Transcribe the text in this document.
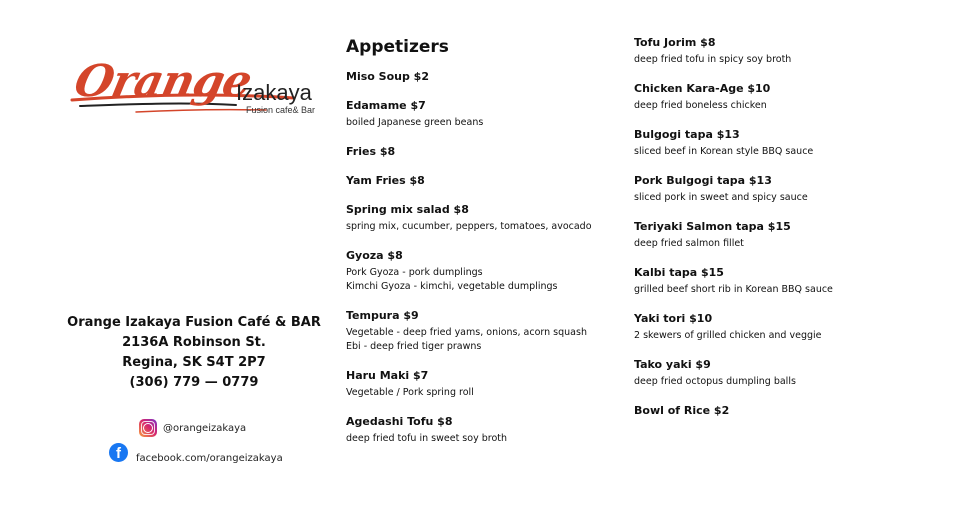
Orange
Izakaya
Fusion cafe& Bar
Orange Izakaya Fusion Café & BAR
2136A Robinson St.
Regina, SK S4T 2P7
(306) 779 — 0779
@orangeizakaya
f	facebook.com/orangeizakaya
Appetizers
Miso Soup $2
Edamame $7
boiled Japanese green beans
Fries $8
Yam Fries $8
Spring mix salad $8
spring mix, cucumber, peppers, tomatoes, avocado
Gyoza $8
Pork Gyoza - pork dumplings
Kimchi Gyoza - kimchi, vegetable dumplings
Tempura $9
Vegetable - deep fried yams, onions, acorn squash
Ebi - deep fried tiger prawns
Haru Maki $7
Vegetable / Pork spring roll
Agedashi Tofu $8
deep fried tofu in sweet soy broth
Tofu Jorim $8
deep fried tofu in spicy soy broth
Chicken Kara-Age $10
deep fried boneless chicken
Bulgogi tapa $13
sliced beef in Korean style BBQ sauce
Pork Bulgogi tapa $13
sliced pork in sweet and spicy sauce
Teriyaki Salmon tapa $15
deep fried salmon fillet
Kalbi tapa $15
grilled beef short rib in Korean BBQ sauce
Yaki tori $10
2 skewers of grilled chicken and veggie
Tako yaki $9
deep fried octopus dumpling balls
Bowl of Rice $2
